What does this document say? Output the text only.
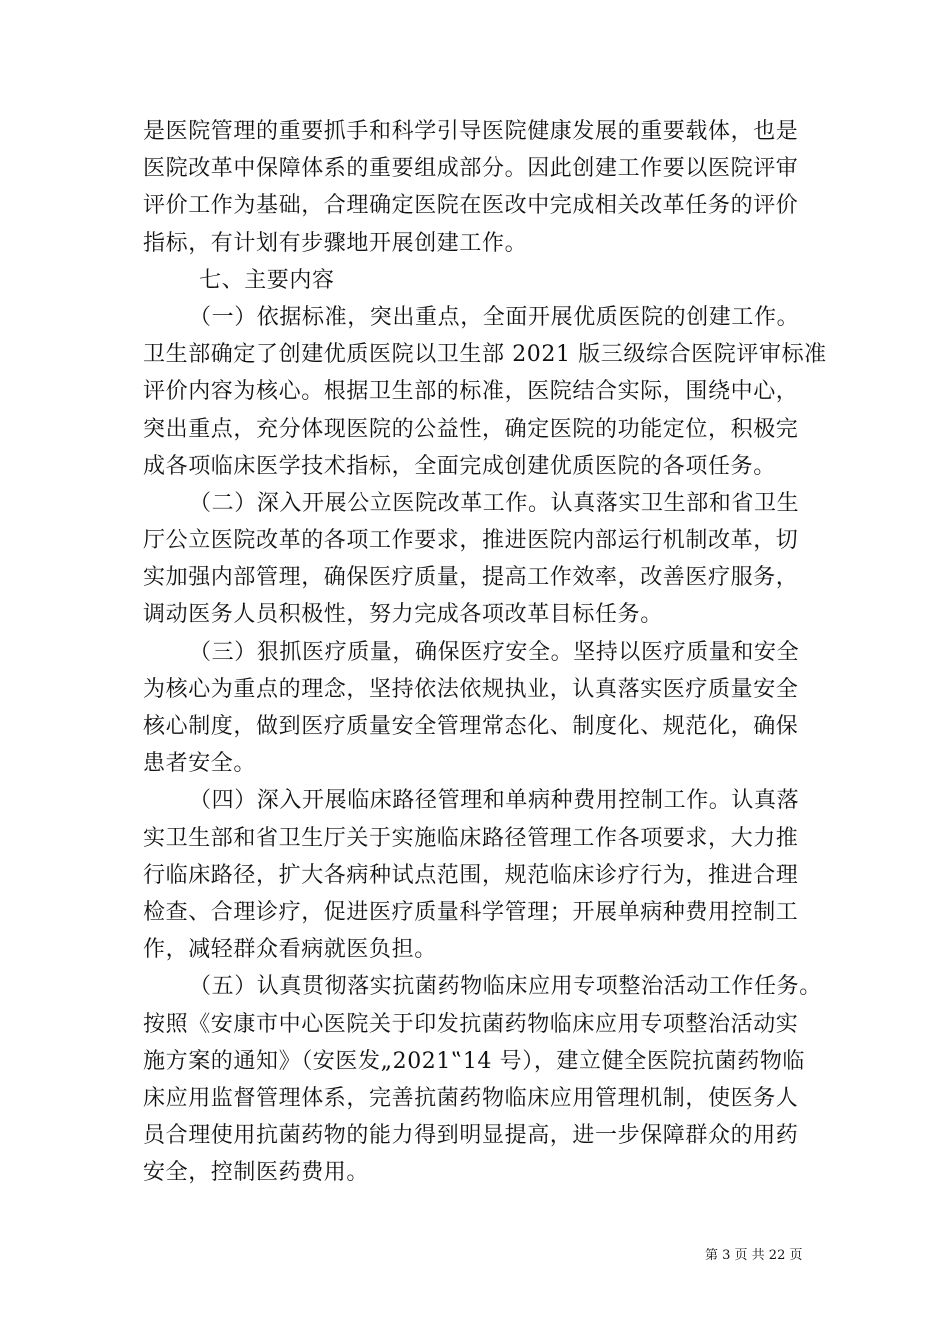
是医院管理的重要抓手和科学引导医院健康发展的重要载体，也是
医院改革中保障体系的重要组成部分。因此创建工作要以医院评审
评价工作为基础，合理确定医院在医改中完成相关改革任务的评价
指标，有计划有步骤地开展创建工作。
七、主要内容
（一）依据标准，突出重点，全面开展优质医院的创建工作。
卫生部确定了创建优质医院以卫生部 2021 版三级综合医院评审标准
评价内容为核心。根据卫生部的标准，医院结合实际，围绕中心，
突出重点，充分体现医院的公益性，确定医院的功能定位，积极完
成各项临床医学技术指标，全面完成创建优质医院的各项任务。
（二）深入开展公立医院改革工作。认真落实卫生部和省卫生
厅公立医院改革的各项工作要求，推进医院内部运行机制改革，切
实加强内部管理，确保医疗质量，提高工作效率，改善医疗服务，
调动医务人员积极性，努力完成各项改革目标任务。
（三）狠抓医疗质量，确保医疗安全。坚持以医疗质量和安全
为核心为重点的理念，坚持依法依规执业，认真落实医疗质量安全
核心制度，做到医疗质量安全管理常态化、制度化、规范化，确保
患者安全。
（四）深入开展临床路径管理和单病种费用控制工作。认真落
实卫生部和省卫生厅关于实施临床路径管理工作各项要求，大力推
行临床路径，扩大各病种试点范围，规范临床诊疗行为，推进合理
检查、合理诊疗，促进医疗质量科学管理；开展单病种费用控制工
作，减轻群众看病就医负担。
（五）认真贯彻落实抗菌药物临床应用专项整治活动工作任务。
按照《安康市中心医院关于印发抗菌药物临床应用专项整治活动实
施方案的通知》（安医发„2021‟14 号），建立健全医院抗菌药物临
床应用监督管理体系，完善抗菌药物临床应用管理机制，使医务人
员合理使用抗菌药物的能力得到明显提高，进一步保障群众的用药
安全，控制医药费用。
第 3 页 共 22 页
